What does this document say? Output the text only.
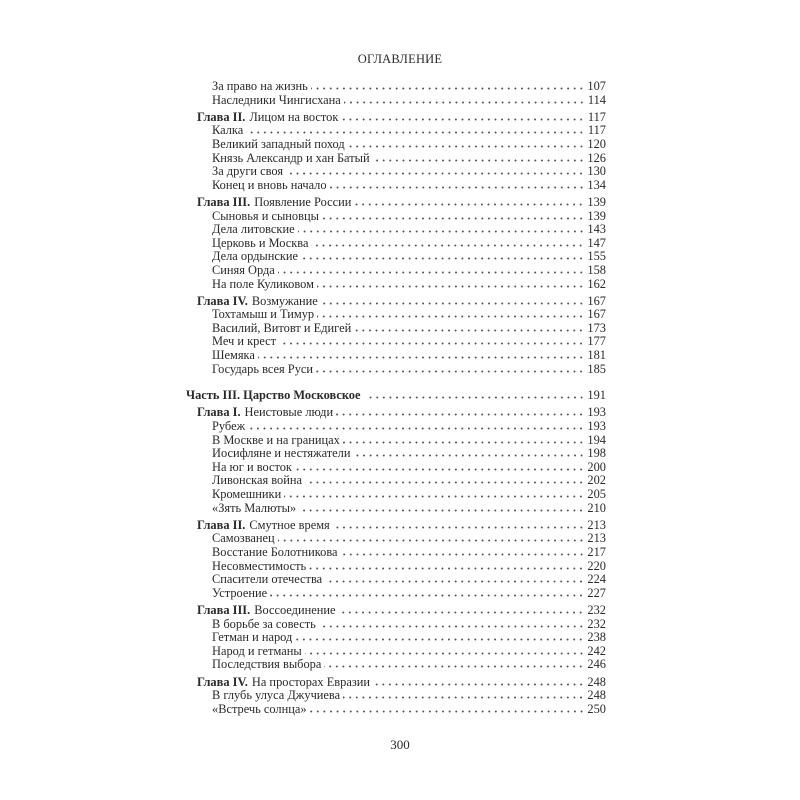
ОГЛАВЛЕНИЕ
За право на жизнь	107
Наследники Чингисхана	114
Глава II. Лицом на восток	117
Калка	117
Великий западный поход	120
Князь Александр и хан Батый	126
За други своя	130
Конец и вновь начало	134
Глава III. Появление России	139
Сыновья и сыновцы	139
Дела литовские	143
Церковь и Москва	147
Дела ордынские	155
Синяя Орда	158
На поле Куликовом	162
Глава IV. Возмужание	167
Тохтамыш и Тимур	167
Василий, Витовт и Едигей	173
Меч и крест	177
Шемяка	181
Государь всея Руси	185
Часть III. Царство Московское	191
Глава I. Неистовые люди	193
Рубеж	193
В Москве и на границах	194
Иосифляне и нестяжатели	198
На юг и восток	200
Ливонская война	202
Кромешники	205
«Зять Малюты»	210
Глава II. Смутное время	213
Самозванец	213
Восстание Болотникова	217
Несовместимость	220
Спасители отечества	224
Устроение	227
Глава III. Воссоединение	232
В борьбе за совесть	232
Гетман и народ	238
Народ и гетманы	242
Последствия выбора	246
Глава IV. На просторах Евразии	248
В глубь улуса Джучиева	248
«Встречь солнца»	250
300
